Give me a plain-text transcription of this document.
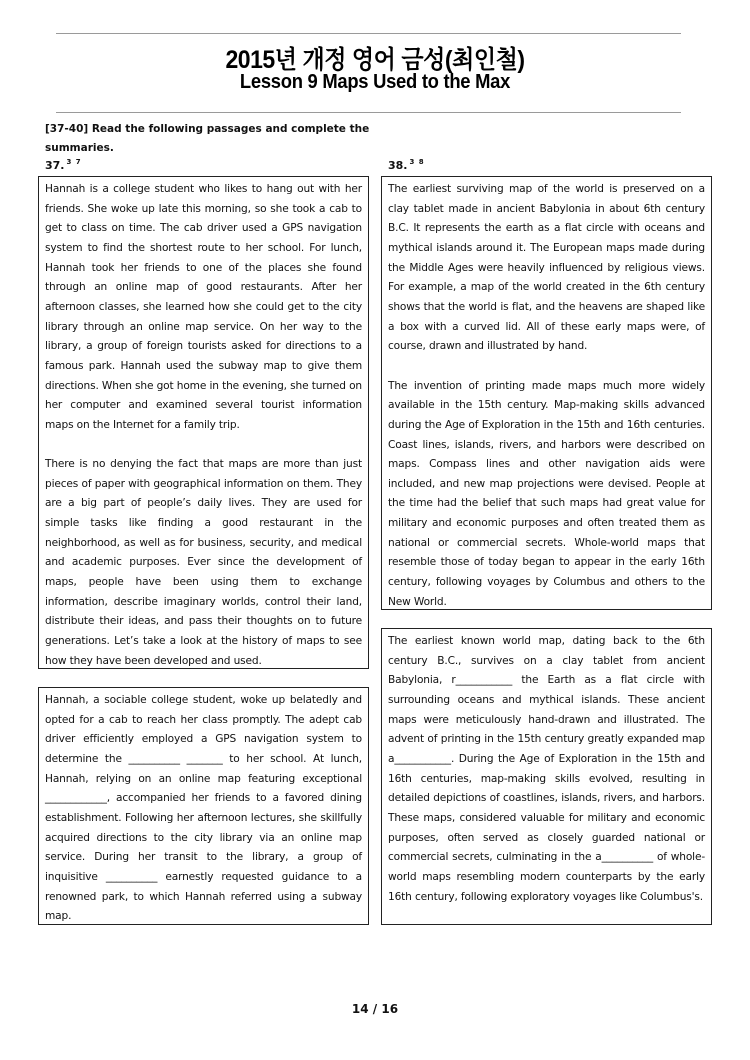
2015년 개정 영어 금성(최인철)
Lesson 9 Maps Used to the Max
[37-40] Read the following passages and complete the summaries.
37. $^{3 7}$	38. $^{3 8}$

Hannah is a college student who likes to hang out with her friends. She woke up late this morning, so she took a cab to get to class on time. The cab driver used a GPS navigation system to find the shortest route to her school. For lunch, Hannah took her friends to one of the places she found through an online map of good restaurants. After her afternoon classes, she learned how she could get to the city library through an online map service. On her way to the library, a group of foreign tourists asked for directions to a famous park. Hannah used the subway map to give them directions. When she got home in the evening, she turned on her computer and examined several tourist information maps on the Internet for a family trip.

There is no denying the fact that maps are more than just pieces of paper with geographical information on them. They are a big part of people’s daily lives. They are used for simple tasks like finding a good restaurant in the neighborhood, as well as for business, security, and medical and academic purposes. Ever since the development of maps, people have been using them to exchange information, describe imaginary worlds, control their land, distribute their ideas, and pass their thoughts on to future generations. Let’s take a look at the history of maps to see how they have been developed and used.

Hannah, a sociable college student, woke up belatedly and opted for a cab to reach her class promptly. The adept cab driver efficiently employed a GPS navigation system to determine the __________ _______ to her school. At lunch, Hannah, relying on an online map featuring exceptional ____________, accompanied her friends to a favored dining establishment. Following her afternoon lectures, she skillfully acquired directions to the city library via an online map service. During her transit to the library, a group of inquisitive __________ earnestly requested guidance to a renowned park, to which Hannah referred using a subway map.

The earliest surviving map of the world is preserved on a clay tablet made in ancient Babylonia in about 6th century B.C. It represents the earth as a flat circle with oceans and mythical islands around it. The European maps made during the Middle Ages were heavily influenced by religious views. For example, a map of the world created in the 6th century shows that the world is flat, and the heavens are shaped like a box with a curved lid. All of these early maps were, of course, drawn and illustrated by hand.

The invention of printing made maps much more widely available in the 15th century. Map-making skills advanced during the Age of Exploration in the 15th and 16th centuries. Coast lines, islands, rivers, and harbors were described on maps. Compass lines and other navigation aids were included, and new map projections were devised. People at the time had the belief that such maps had great value for military and economic purposes and often treated them as national or commercial secrets. Whole-world maps that resemble those of today began to appear in the early 16th century, following voyages by Columbus and others to the New World.

The earliest known world map, dating back to the 6th century B.C., survives on a clay tablet from ancient Babylonia, r___________ the Earth as a flat circle with surrounding oceans and mythical islands. These ancient maps were meticulously hand-drawn and illustrated. The advent of printing in the 15th century greatly expanded map a___________. During the Age of Exploration in the 15th and 16th centuries, map-making skills evolved, resulting in detailed depictions of coastlines, islands, rivers, and harbors. These maps, considered valuable for military and economic purposes, often served as closely guarded national or commercial secrets, culminating in the a__________ of whole-world maps resembling modern counterparts by the early 16th century, following exploratory voyages like Columbus's.

14 / 16
